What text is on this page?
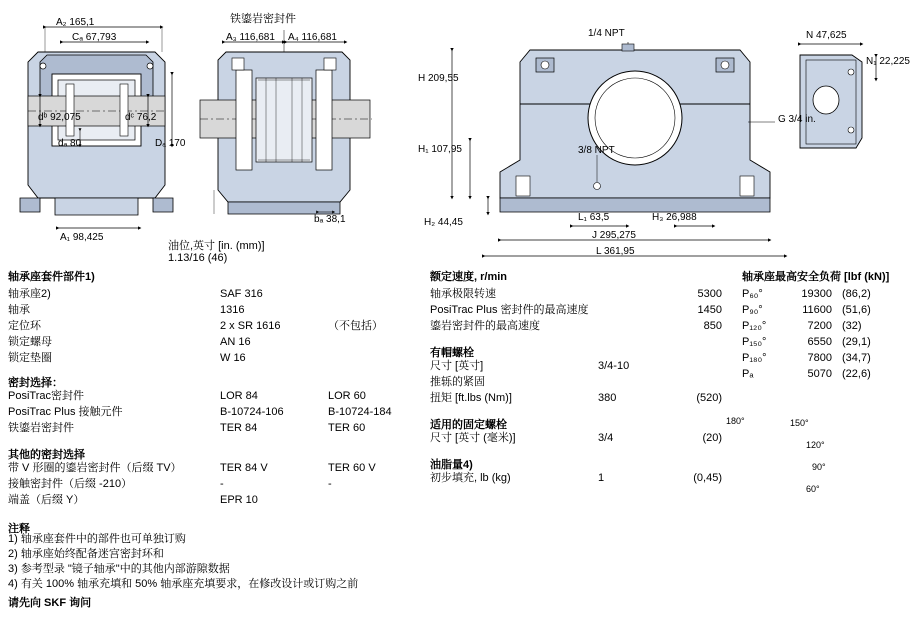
A₂ 165,1
Cₐ 67,793
dᵇ 92,075
dₐ 80
dᶜ 76,2
Dₐ 170
A₁ 98,425
铁鎏岩密封件
A₃ 116,681 A₄ 116,681
bₐ 38,1
油位,英寸 [in. (mm)]
1.13/16 (46)
1/4 NPT
3/8 NPT
G 3/4 in.
H 209,55
H₁ 107,95
H₂ 44,45	L₁ 63,5	H₃ 26,988
J 295,275
L 361,95
N 47,625
N₁ 22,225
轴承座套件部件1)
轴承座2)	SAF 316
轴承	1316
定位环	2 x SR 1616	（不包括）
锁定螺母	AN 16
锁定垫圈	W 16
密封选择：
PosiTrac密封件	LOR 84	LOR 60
PosiTrac Plus 接触元件	B-10724-106	B-10724-184
铁鎏岩密封件	TER 84	TER 60
其他的密封选择
带 V 形圈的鎏岩密封件（后缀 TV）	TER 84 V	TER 60 V
接触密封件（后缀 -210）	-	-
端盖（后缀 Y）	EPR 10
注释
1) 轴承座套件中的部件也可单独订购
2) 轴承座始终配备迷宫密封环和
3) 参考型录 "镜子轴承"中的其他内部游隙数据
4) 有关 100% 轴承充填和 50% 轴承座充填要求，在修改设计或订购之前
请先向 SKF 询问
额定速度, r/min
轴承极限转速	5300
PosiTrac Plus 密封件的最高速度	1450
鎏岩密封件的最高速度	850
有帽螺栓
尺寸 [英寸]	3/4-10
推轹的紧固
扭矩 [ft.lbs (Nm)]	380	(520)
适用的固定螺栓
尺寸 [英寸 (毫米)]	3/4	(20)
油脂量4)
初步填充, lb (kg)	1	(0,45)
轴承座最高安全负荷 [lbf (kN)]
P₆₀°	19300 (86,2)
P₉₀°	11600 (51,6)
P₁₂₀°	7200 (32)
P₁₅₀°	6550 (29,1)
P₁₈₀°	7800 (34,7)
Pₐ	5070 (22,6)
180°	150°
120°
90°
60°
